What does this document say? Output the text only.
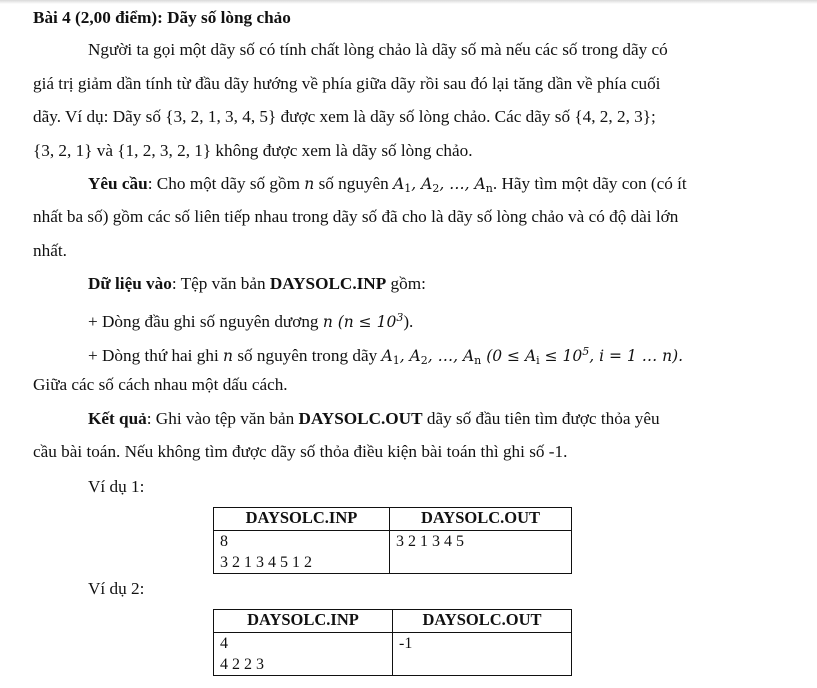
Bài 4 (2,00 điểm): Dãy số lòng chảo
Người ta gọi một dãy số có tính chất lòng chảo là dãy số mà nếu các số trong dãy có
giá trị giảm dần tính từ đầu dãy hướng về phía giữa dãy rồi sau đó lại tăng dần về phía cuối
dãy. Ví dụ: Dãy số {3, 2, 1, 3, 4, 5} được xem là dãy số lòng chảo. Các dãy số {4, 2, 2, 3};
{3, 2, 1} và {1, 2, 3, 2, 1} không được xem là dãy số lòng chảo.
Yêu cầu: Cho một dãy số gồm n số nguyên $A_1$, $A_2$, …, $A_n$. Hãy tìm một dãy con (có ít
nhất ba số) gồm các số liên tiếp nhau trong dãy số đã cho là dãy số lòng chảo và có độ dài lớn
nhất.
Dữ liệu vào: Tệp văn bản DAYSOLC.INP gồm:
+ Dòng đầu ghi số nguyên dương n $(n \le 10^3)$.
+ Dòng thứ hai ghi n số nguyên trong dãy $A_1$, $A_2$, …, $A_n$ ($0 \le A_i \le 10^5$, i = 1 … n).
Giữa các số cách nhau một dấu cách.
Kết quả: Ghi vào tệp văn bản DAYSOLC.OUT dãy số đầu tiên tìm được thỏa yêu
cầu bài toán. Nếu không tìm được dãy số thỏa điều kiện bài toán thì ghi số -1.
Ví dụ 1:
DAYSOLC.INP	DAYSOLC.OUT

8
3 2 1 3 4 5 1 2	3 2 1 3 4 5
Ví dụ 2:
DAYSOLC.INP	DAYSOLC.OUT

4
4 2 2 3	-1
